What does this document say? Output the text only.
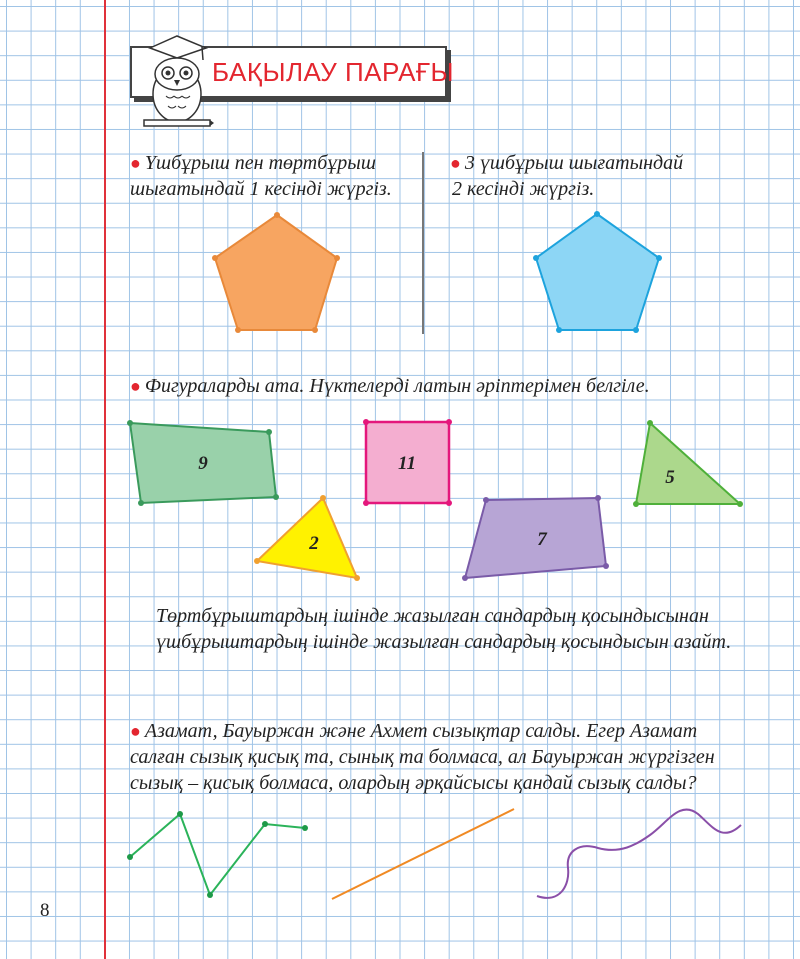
БАҚЫЛАУ ПАРАҒЫ
● Үшбұрыш пен төртбұрыш
шығатындай 1 кесінді жүргіз.
● 3 үшбұрыш шығатындай
2 кесінді жүргіз.
● Фигураларды ата. Нүктелерді латын әріптерімен белгіле.
Төртбұрыштардың ішінде жазылған сандардың қосындысынан
үшбұрыштардың ішінде жазылған сандардың қосындысын азайт.
● Азамат, Бауыржан және Ахмет сызықтар салды. Егер Азамат
салған сызық қисық та, сынық та болмаса, ал Бауыржан жүргізген
сызық – қисық болмаса, олардың әрқайсысы қандай сызық салды?
9	11
2	7
5
8
